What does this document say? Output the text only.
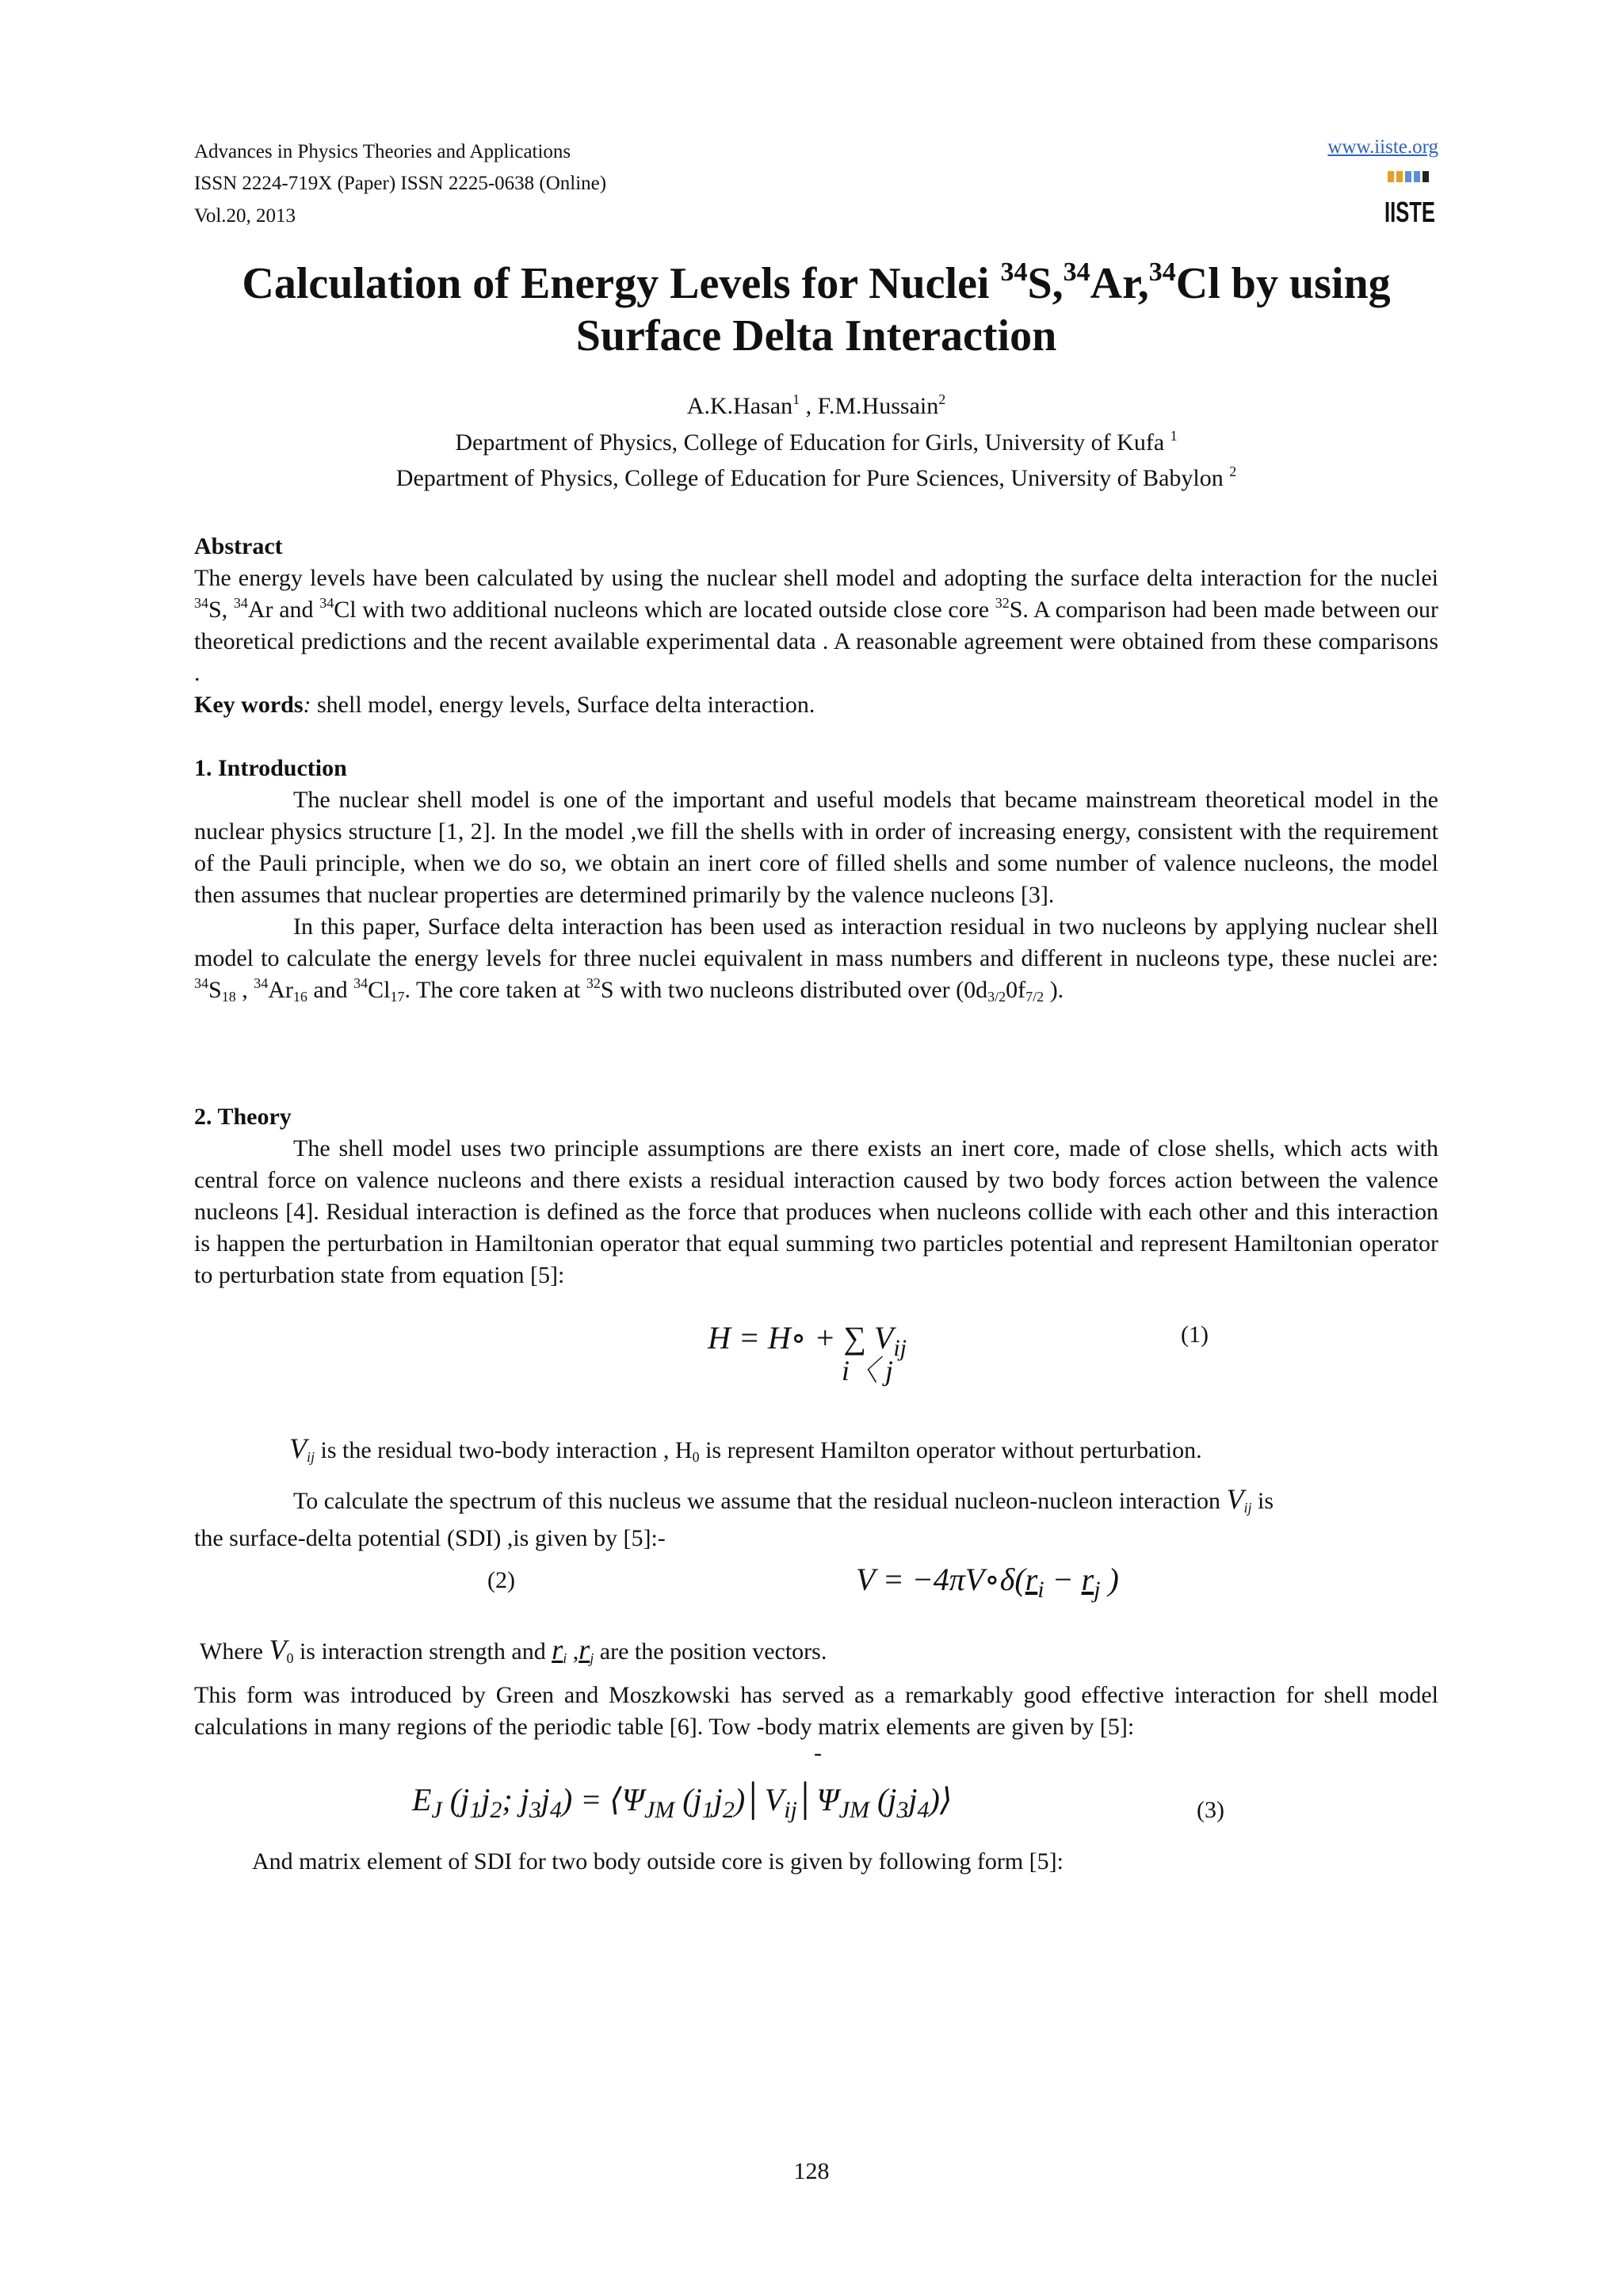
Advances in Physics Theories and Applications
ISSN 2224-719X (Paper) ISSN 2225-0638 (Online)
Vol.20, 2013
www.iiste.org
IISTE
Calculation of Energy Levels for Nuclei $^{34}$S,$^{34}$Ar,$^{34}$Cl by using
Surface Delta Interaction
A.K.Hasan$^1$ , F.M.Hussain$^2$
Department of Physics, College of Education for Girls, University of Kufa $^1$
Department of Physics, College of Education for Pure Sciences, University of Babylon $^2$
Abstract
The energy levels have been calculated by using the nuclear shell model and adopting the surface delta interaction for the nuclei $^{34}$S, $^{34}$Ar and $^{34}$Cl with two additional nucleons which are located outside close core $^{32}$S. A comparison had been made between our theoretical predictions and the recent available experimental data . A reasonable agreement were obtained from these comparisons .
Key words: shell model, energy levels, Surface delta interaction.
1. Introduction
The nuclear shell model is one of the important and useful models that became mainstream theoretical model in the nuclear physics structure [1, 2]. In the model ,we fill the shells with in order of increasing energy, consistent with the requirement of the Pauli principle, when we do so, we obtain an inert core of filled shells and some number of valence nucleons, the model then assumes that nuclear properties are determined primarily by the valence nucleons [3].
In this paper, Surface delta interaction has been used as interaction residual in two nucleons by applying nuclear shell model to calculate the energy levels for three nuclei equivalent in mass numbers and different in nucleons type, these nuclei are: $^{34}S_{18}$ , $^{34}Ar_{16}$ and $^{34}Cl_{17}$. The core taken at $^{32}$S with two nucleons distributed over ($0d_{3/2}0f_{7/2}$ ).
2. Theory
The shell model uses two principle assumptions are there exists an inert core, made of close shells, which acts with central force on valence nucleons and there exists a residual interaction caused by two body forces action between the valence nucleons [4]. Residual interaction is defined as the force that produces when nucleons collide with each other and this interaction is happen the perturbation in Hamiltonian operator that equal summing two particles potential and represent Hamiltonian operator to perturbation state from equation [5]:
H = H∘ + ∑ $V_{ij}$
i〈 j
(1)
$V_{ij}$ is the residual two-body interaction , $H_0$ is represent Hamilton operator without perturbation.
To calculate the spectrum of this nucleus we assume that the residual nucleon-nucleon interaction $V_{ij}$ is
the surface-delta potential (SDI) ,is given by [5]:-
(2)	$V = -4\pi V\circ\delta(r_i - r_j$ )
Where $V_0$ is interaction strength and $r_i$ $,r_j$ are the position vectors.
This form was introduced by Green and Moszkowski has served as a remarkably good effective interaction for shell model calculations in many regions of the periodic table [6]. Tow -body matrix elements are given by [5]:
-
$E_J$ ($j_1j_2$; $j_3j_4$) = $⟨\Psi_{JM}$ $(j_1j_2)│V_{ij}│\Psi_{JM}$ $(j_3j_4)⟩$	(3)
And matrix element of SDI for two body outside core is given by following form [5]:
128
